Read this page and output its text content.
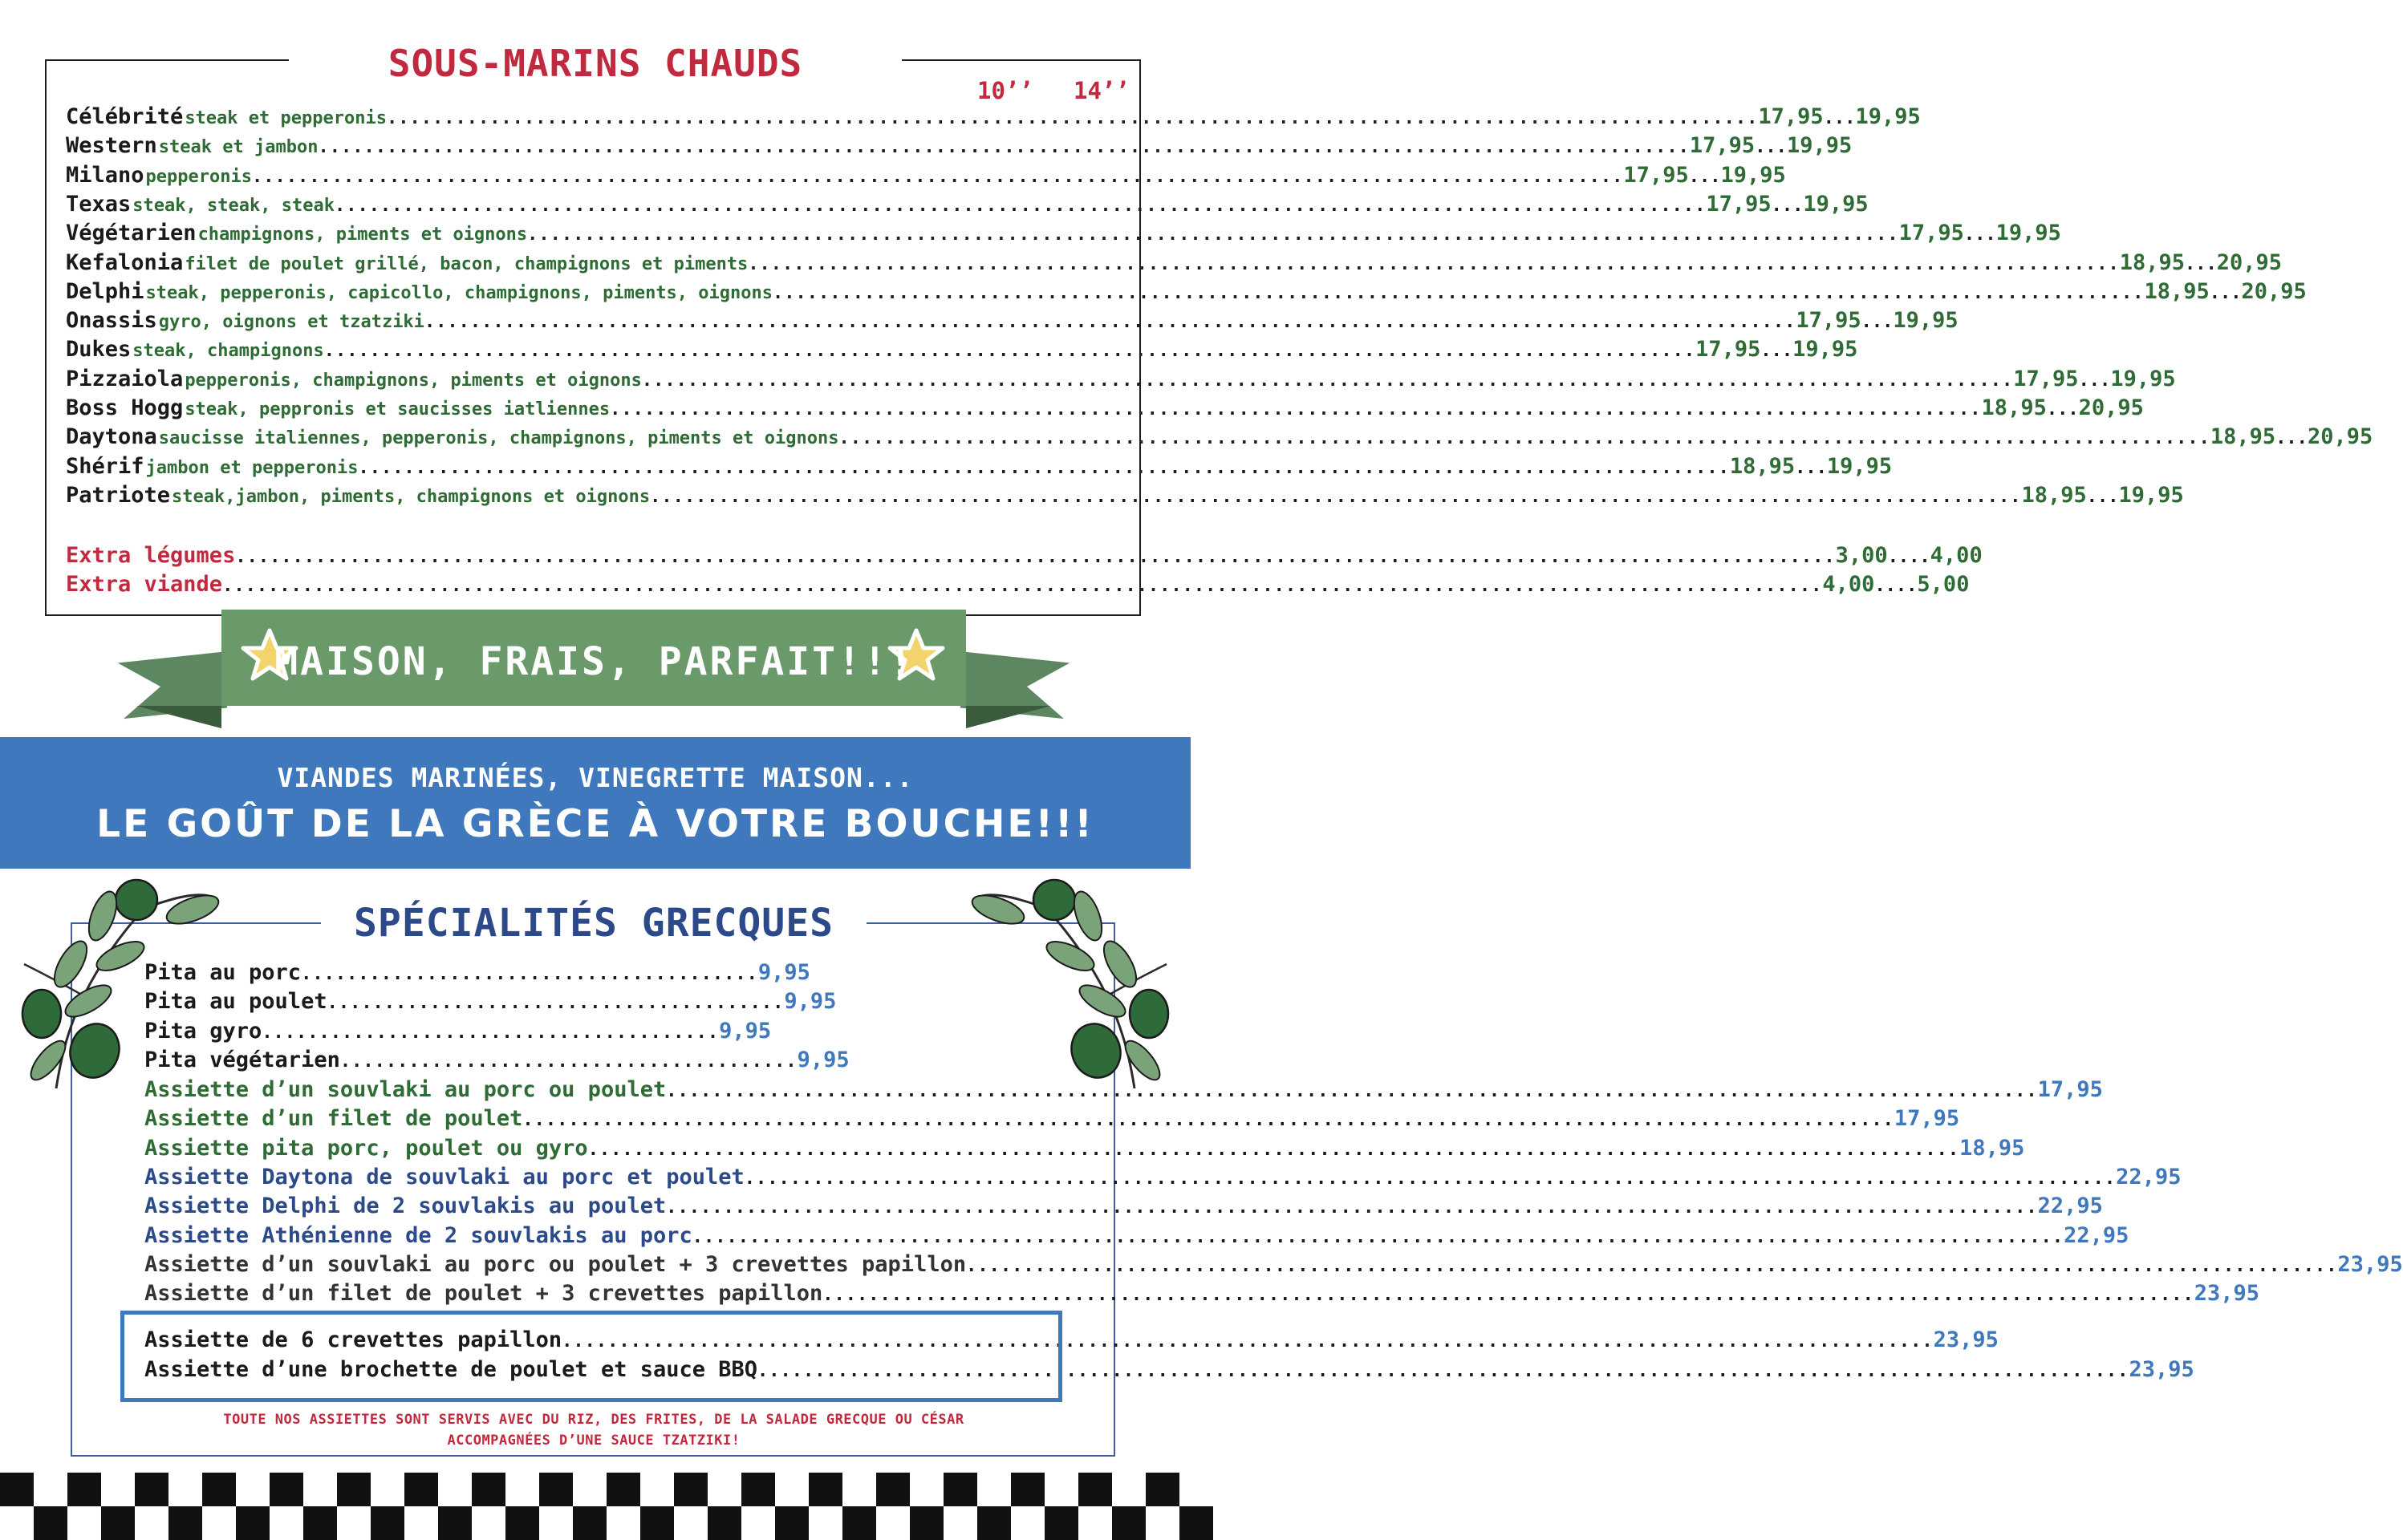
SOUS-MARINS CHAUDS
10’’ 14’’
Célébrité steak et pepperonis ........................................................................................................................ 17,95 ... 19,95
Western steak et jambon ........................................................................................................................ 17,95 ... 19,95
Milano pepperonis ........................................................................................................................ 17,95 ... 19,95
Texas steak, steak, steak ........................................................................................................................ 17,95 ... 19,95
Végétarien champignons, piments et oignons ........................................................................................................................ 17,95 ... 19,95
Kefalonia filet de poulet grillé, bacon, champignons et piments ........................................................................................................................ 18,95 ... 20,95
Delphi steak, pepperonis, capicollo, champignons, piments, oignons ........................................................................................................................ 18,95 ... 20,95
Onassis gyro, oignons et tzatziki ........................................................................................................................ 17,95 ... 19,95
Dukes steak, champignons ........................................................................................................................ 17,95 ... 19,95
Pizzaiola pepperonis, champignons, piments et oignons ........................................................................................................................ 17,95 ... 19,95
Boss Hogg steak, peppronis et saucisses iatliennes ........................................................................................................................ 18,95 ... 20,95
Daytona saucisse italiennes, pepperonis, champignons, piments et oignons ........................................................................................................................ 18,95 ... 20,95
Shérif jambon et pepperonis ........................................................................................................................ 18,95 ... 19,95
Patriote steak,jambon, piments, champignons et oignons ........................................................................................................................ 18,95 ... 19,95
Extra légumes ............................................................................................................................................ 3,00 .... 4,00
Extra viande ............................................................................................................................................ 4,00 .... 5,00
MAISON, FRAIS, PARFAIT!!!
VIANDES MARINÉES, VINEGRETTE MAISON...
LE GOÛT DE LA GRÈCE À VOTRE BOUCHE!!!
SPÉCIALITÉS GRECQUES
Pita au porc ........................................ 9,95
Pita au poulet ........................................ 9,95
Pita gyro ........................................ 9,95
Pita végétarien ........................................ 9,95
Assiette d’un souvlaki au porc ou poulet ........................................................................................................................ 17,95
Assiette d’un filet de poulet ........................................................................................................................ 17,95
Assiette pita porc, poulet ou gyro ........................................................................................................................ 18,95
Assiette Daytona de souvlaki au porc et poulet ........................................................................................................................ 22,95
Assiette Delphi de 2 souvlakis au poulet ........................................................................................................................ 22,95
Assiette Athénienne de 2 souvlakis au porc ........................................................................................................................ 22,95
Assiette d’un souvlaki au porc ou poulet + 3 crevettes papillon ........................................................................................................................ 23,95
Assiette d’un filet de poulet + 3 crevettes papillon ........................................................................................................................ 23,95
Assiette de 6 crevettes papillon ........................................................................................................................ 23,95
Assiette d’une brochette de poulet et sauce BBQ ........................................................................................................................ 23,95
TOUTE NOS ASSIETTES SONT SERVIS AVEC DU RIZ, DES FRITES, DE LA SALADE GRECQUE OU CÉSAR
ACCOMPAGNÉES D’UNE SAUCE TZATZIKI!
